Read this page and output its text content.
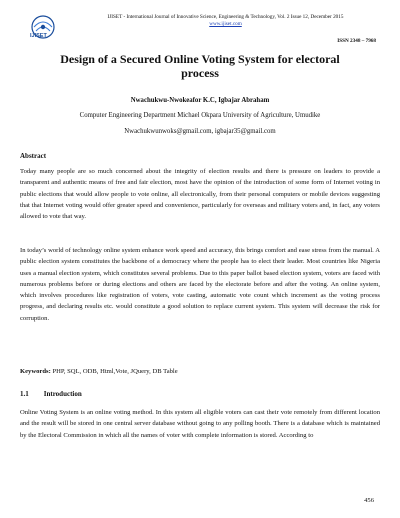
IJISET
IJISET - International Journal of Innovative Science, Engineering & Technology, Vol. 2 Issue 12, December 2015
www.ijiset.com
ISSN 2348 – 7968
Design of a Secured Online Voting System for electoral process
Nwachukwu-Nwokeafor K.C, Igbajar Abraham
Computer Engineering Department Michael Okpara University of Agriculture, Umudike
Nwachukwunwoks@gmail.com, igbajar35@gmail.com
Abstract
Today many people are so much concerned about the integrity of election results and there is pressure on leaders to provide a transparent and authentic means of free and fair election, most have the opinion of the introduction of some form of Internet voting in public elections that would allow people to vote online, all electronically, from their personal computers or mobile devices suggesting that that Internet voting would offer greater speed and convenience, particularly for overseas and military voters and, in fact, any voters allowed to vote that way.
In today’s world of technology online system enhance work speed and accuracy, this brings comfort and ease stress from the manual. A public election system constitutes the backbone of a democracy where the people has to elect their leader. Most countries like Nigeria uses a manual election system, which constitutes several problems. Due to this paper ballot based election system, voters are faced with numerous problems before or during elections and others are faced by the electorate before and after the voting. An online system, which involves procedures like registration of voters, vote casting, automatic vote count which increment as the voting process progress, and declaring results etc. would constitute a good solution to replace current system. This system will decrease the risk for corruption.
Keywords: PHP, SQL, ODB, Html,Vote, JQuery, DB Table
1.1 Introduction
Online Voting System is an online voting method. In this system all eligible voters can cast their vote remotely from different location and the result will be stored in one central server database without going to any polling booth. There is a database which is maintained by the Electoral Commission in which all the names of voter with complete information is stored. According to
456
